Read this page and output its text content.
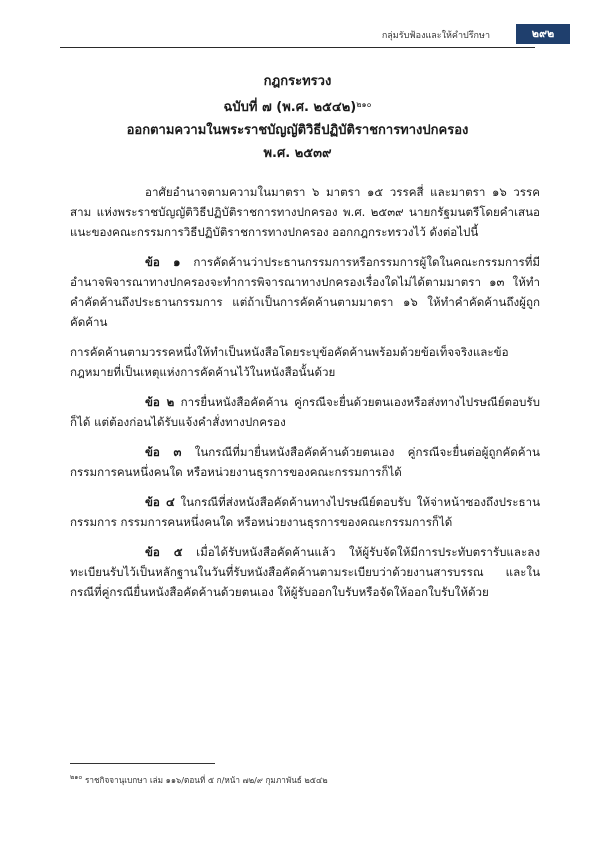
กลุ่มรับฟ้องและให้คำปรึกษา	๒๙๒
กฎกระทรวง
ฉบับที่ ๗ (พ.ศ. ๒๕๔๒)$^{๒๑๐}$
ออกตามความในพระราชบัญญัติวิธีปฏิบัติราชการทางปกครอง
พ.ศ. ๒๕๓๙

อาศัยอำนาจตามความในมาตรา ๖ มาตรา ๑๕ วรรคสี่ และมาตรา ๑๖ วรรคสาม แห่งพระราชบัญญัติวิธีปฏิบัติราชการทางปกครอง พ.ศ. ๒๕๓๙ นายกรัฐมนตรีโดยคำเสนอแนะของคณะกรรมการวิธีปฏิบัติราชการทางปกครอง ออกกฎกระทรวงไว้ ดังต่อไปนี้

ข้อ ๑ การคัดค้านว่าประธานกรรมการหรือกรรมการผู้ใดในคณะกรรมการที่มีอำนาจพิจารณาทางปกครองจะทำการพิจารณาทางปกครองเรื่องใดไม่ได้ตามมาตรา ๑๓ ให้ทำคำคัดค้านถึงประธานกรรมการ แต่ถ้าเป็นการคัดค้านตามมาตรา ๑๖ ให้ทำคำคัดค้านถึงผู้ถูกคัดค้าน

การคัดค้านตามวรรคหนึ่งให้ทำเป็นหนังสือโดยระบุข้อคัดค้านพร้อมด้วยข้อเท็จจริงและข้อกฎหมายที่เป็นเหตุแห่งการคัดค้านไว้ในหนังสือนั้นด้วย

ข้อ ๒ การยื่นหนังสือคัดค้าน คู่กรณีจะยื่นด้วยตนเองหรือส่งทางไปรษณีย์ตอบรับก็ได้ แต่ต้องก่อนได้รับแจ้งคำสั่งทางปกครอง

ข้อ ๓ ในกรณีที่มายื่นหนังสือคัดค้านด้วยตนเอง คู่กรณีจะยื่นต่อผู้ถูกคัดค้าน กรรมการคนหนึ่งคนใด หรือหน่วยงานธุรการของคณะกรรมการก็ได้

ข้อ ๔ ในกรณีที่ส่งหนังสือคัดค้านทางไปรษณีย์ตอบรับ ให้จ่าหน้าซองถึงประธานกรรมการ กรรมการคนหนึ่งคนใด หรือหน่วยงานธุรการของคณะกรรมการก็ได้

ข้อ ๕ เมื่อได้รับหนังสือคัดค้านแล้ว ให้ผู้รับจัดให้มีการประทับตรารับและลงทะเบียนรับไว้เป็นหลักฐานในวันที่รับหนังสือคัดค้านตามระเบียบว่าด้วยงานสารบรรณ และในกรณีที่คู่กรณียื่นหนังสือคัดค้านด้วยตนเอง ให้ผู้รับออกใบรับหรือจัดให้ออกใบรับให้ด้วย

$^{๒๑๐}$ ราชกิจจานุเบกษา เล่ม ๑๑๖/ตอนที่ ๕ ก/หน้า ๗๒/๙ กุมภาพันธ์ ๒๕๔๒
